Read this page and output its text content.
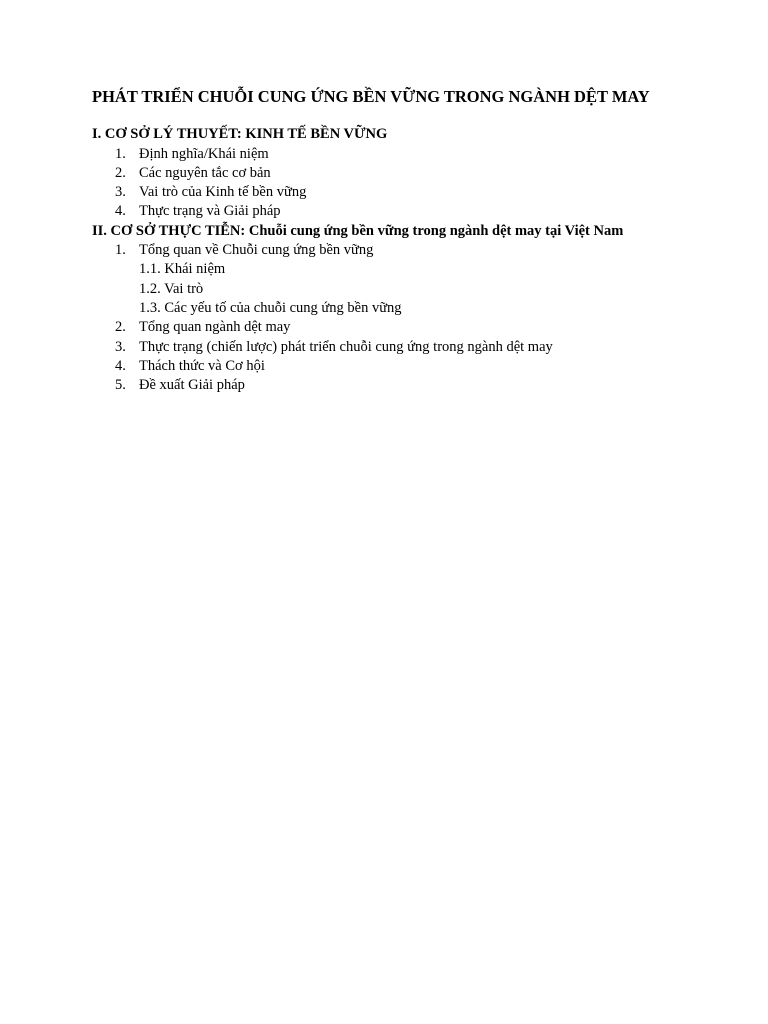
PHÁT TRIỂN CHUỖI CUNG ỨNG BỀN VỮNG TRONG NGÀNH DỆT MAY
I. CƠ SỞ LÝ THUYẾT: KINH TẾ BỀN VỮNG
1. Định nghĩa/Khái niệm
2. Các nguyên tắc cơ bản
3. Vai trò của Kinh tế bền vững
4. Thực trạng và Giải pháp
II. CƠ SỞ THỰC TIỄN: Chuỗi cung ứng bền vững trong ngành dệt may tại Việt Nam
1. Tổng quan về Chuỗi cung ứng bền vững
1.1. Khái niệm
1.2. Vai trò
1.3. Các yếu tố của chuỗi cung ứng bền vững
2. Tổng quan ngành dệt may
3. Thực trạng (chiến lược) phát triển chuỗi cung ứng trong ngành dệt may
4. Thách thức và Cơ hội
5. Đề xuất Giải pháp
